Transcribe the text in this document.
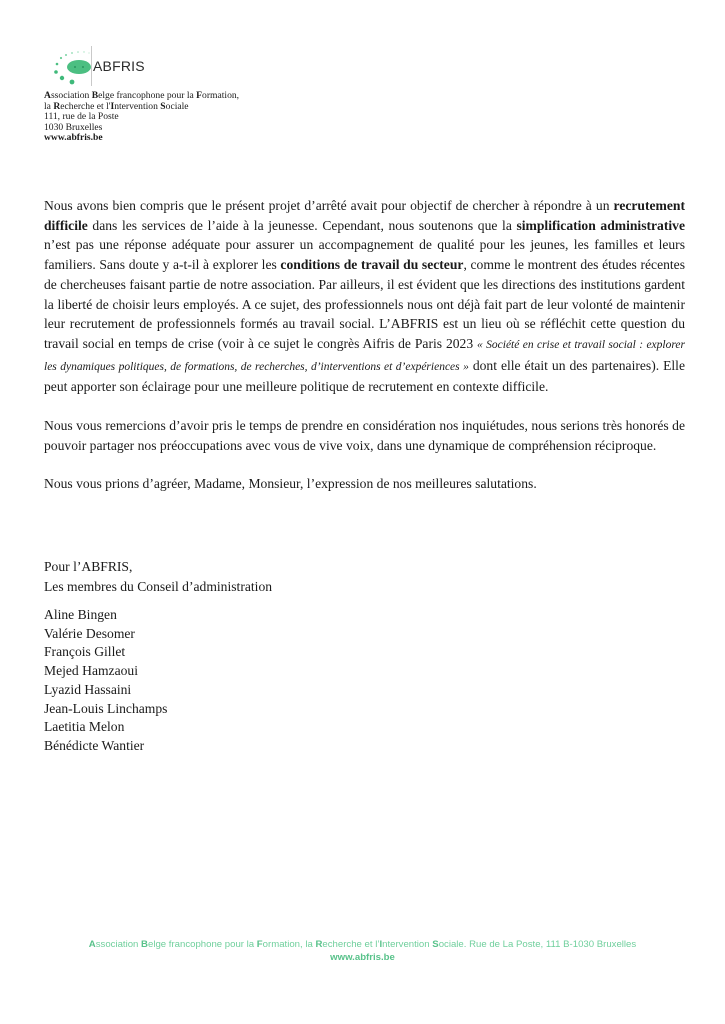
ABFRIS
Association Belge francophone pour la Formation,
la Recherche et l'Intervention Sociale
111, rue de la Poste
1030 Bruxelles
www.abfris.be

Nous avons bien compris que le présent projet d’arrêté avait pour objectif de chercher à répondre à un recrutement difficile dans les services de l’aide à la jeunesse. Cependant, nous soutenons que la simplification administrative n’est pas une réponse adéquate pour assurer un accompagnement de qualité pour les jeunes, les familles et leurs familiers. Sans doute y a-t-il à explorer les conditions de travail du secteur, comme le montrent des études récentes de chercheuses faisant partie de notre association. Par ailleurs, il est évident que les directions des institutions gardent la liberté de choisir leurs employés. A ce sujet, des professionnels nous ont déjà fait part de leur volonté de maintenir leur recrutement de professionnels formés au travail social. L’ABFRIS est un lieu où se réfléchit cette question du travail social en temps de crise (voir à ce sujet le congrès Aifris de Paris 2023 « Société en crise et travail social : explorer les dynamiques politiques, de formations, de recherches, d’interventions et d’expériences » dont elle était un des partenaires). Elle peut apporter son éclairage pour une meilleure politique de recrutement en contexte difficile.

Nous vous remercions d’avoir pris le temps de prendre en considération nos inquiétudes, nous serions très honorés de pouvoir partager nos préoccupations avec vous de vive voix, dans une dynamique de compréhension réciproque.

Nous vous prions d’agréer, Madame, Monsieur, l’expression de nos meilleures salutations.

Pour l’ABFRIS,
Les membres du Conseil d’administration
Aline Bingen
Valérie Desomer
François Gillet
Mejed Hamzaoui
Lyazid Hassaini
Jean-Louis Linchamps
Laetitia Melon
Bénédicte Wantier
Association Belge francophone pour la Formation, la Recherche et l’Intervention Sociale. Rue de La Poste, 111 B-1030 Bruxelles
www.abfris.be
